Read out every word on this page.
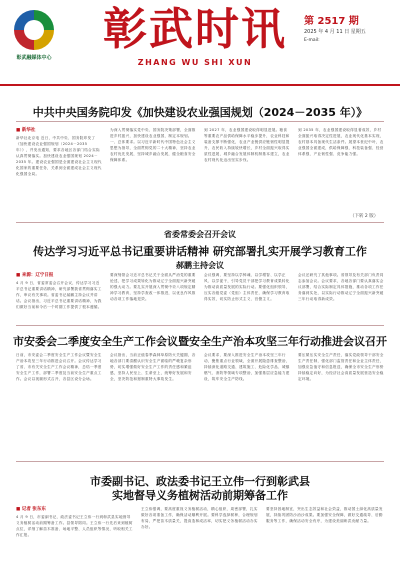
彰武融媒体中心
彰武时讯
ZHANG WU SHI XUN
第 2517 期
2025 年 4 月 11 日 星期五
E-mail:
中共中央国务院印发《加快建设农业强国规划（2024－2035 年）》
■ 新华社
新华社北京电 近日，中共中央、国务院印发了《加快建设农业强国规划（2024－2035 年）》，并发出通知，要求各地区各部门结合实际认真贯彻落实。加快建设农业强国规划 2024－2035 年。建设农业强国是全面建设社会主义现代化国家的重要任务，关系到全面建成社会主义现代化强国全局。
为深入贯彻落实党中央、国务院决策部署，全面推进乡村振兴，加快建设农业强国，制定本规划。一、总体要求。以习近平新时代中国特色社会主义思想为指导，全面贯彻党的二十大精神，坚持农业农村优先发展，坚持城乡融合发展，健全粮食安全保障体系。
到 2027 年，农业强国建设取得明显进展。粮食等重要农产品供给保障水平稳步提升，农业科技和装备支撑不断强化，农业产业链供应链韧性明显提升，农民收入持续较快增长，乡村全面振兴取得实质性进展，城乡融合发展体制机制基本建立，农业农村现代化迈出坚实步伐。
到 2035 年，农业强国建设取得显著成效，乡村全面振兴取得决定性进展，农业现代化基本实现，农村基本具备现代生活条件。展望本世纪中叶，农业强国全面建成，供给保障强、科技装备强、经营体系强、产业韧性强、竞争能力强。
（下转 2 版）
省委常委会召开会议
传达学习习近平总书记重要讲话精神 研究部署扎实开展学习教育工作
郝鹏主持会议
■ 来源：辽宁日报
4 月 9 日，省委常委会召开会议，传达学习习近平总书记重要讲话精神，研究部署我省贯彻落实工作，审议有关事项。省委书记郝鹏主持会议并讲话。会议指出，习近平总书记重要讲话精神，为我们做好当前和今后一个时期工作提供了根本遵循。
要深刻领会习近平总书记关于全面从严治党的重要论述，把学习成果转化为推动辽宁全面振兴新突破的强大动力。要扎实开展深入贯彻中央八项规定精神学习教育，坚持学查改一体推进，以优良作风推动各项工作落地见效。
会议强调，要坚持以学铸魂、以学增智、以学正风、以学促干，引导党员干部把学习教育成果转化为推动高质量发展的实际行动。要强化组织领导，压实各级党委（党组）主体责任，确保学习教育取得实效，切实防止形式主义、官僚主义。
会议还研究了其他事项。省领导及有关部门负责同志参加会议。会议要求，各地各部门要认真落实会议部署，结合实际制定具体措施，推动各项工作任务落到实处，以实际行动推动辽宁全面振兴新突破三年行动取得新成效。
市安委会二季度安全生产工作会议暨安全生产治本攻坚三年行动推进会议召开
日前，市安委会二季度安全生产工作会议暨安全生产治本攻坚三年行动推进会议召开。会议传达学习了省、市有关安全生产工作会议精神，总结一季度安全生产工作，部署二季度及当前安全生产重点工作。会议以视频形式召开，各县区设分会场。
会议指出，当前正值春季森林草原防火关键期，各地各部门要清醒认识安全生产面临的严峻复杂形势，切实增强做好安全生产工作的责任感和紧迫感，坚持人民至上、生命至上，统筹好发展和安全，坚决防范和遏制重特大事故发生。
会议要求，要深入推进安全生产治本攻坚三年行动，聚焦重点行业领域，全面开展隐患排查整治，持续深化道路交通、建筑施工、危险化学品、城镇燃气、消防等领域专项整治，加强基层应急能力建设，筑牢安全生产防线。
要压紧压实安全生产责任，落实党政领导干部安全生产责任制，强化部门监管责任和企业主体责任，加强应急值守和信息报送，确保全市安全生产形势持续稳定向好，为经济社会高质量发展营造安全稳定环境。
市委副书记、政法委书记王立伟一行到彰武县
实地督导义务植树活动前期筹备工作
■ 记者 张东东
4 月 9 日，市委副书记、政法委书记王立伟一行到彰武县实地督导义务植树活动前期筹备工作。县领导陪同。王立伟一行先后来到植树点位，详细了解苗木准备、场地平整、人员组织等情况，听取相关工作汇报。
王立伟强调，要高度重视义务植树活动，精心组织、周密部署，扎实做好各项准备工作，确保活动顺利开展。要科学选择树种，合理规划布局，严把苗木质量关，提高造林成活率，切实把义务植树活动办实办好。
要坚持因地制宜，突出生态效益和社会效益，推动国土绿化高质量发展，持续巩固防沙治沙成果。要加强安全保障，做好交通疏导、后勤服务等工作，确保活动安全有序，为建设美丽彰武贡献力量。
